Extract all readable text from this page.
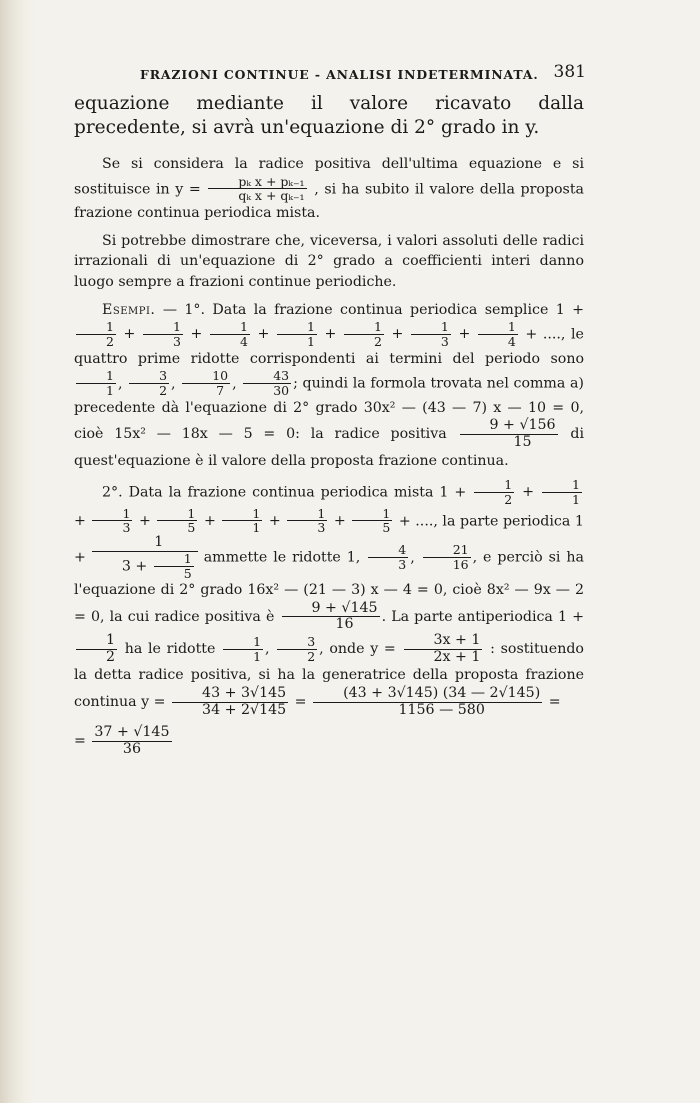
FRAZIONI CONTINUE - ANALISI INDETERMINATA. 381

equazione mediante il valore ricavato dalla precedente, si avrà un'equazione di 2° grado in y.

Se si considera la radice positiva dell'ultima equazione e si sostituisce in $y = \frac{\text{pₖ x + pₖ₋₁}}{\text{qₖ x + qₖ₋₁}}$ , si ha subito il valore della proposta frazione continua periodica mista.

Si potrebbe dimostrare che, viceversa, i valori assoluti delle radici irrazionali di un'equazione di 2° grado a coefficienti interi danno luogo sempre a frazioni continue periodiche.

Esempi. — 1°. Data la frazione continua periodica semplice 1 +
$\frac{1}{2} + \frac{1}{3} + \frac{1}{4} + \frac{1}{1} + \frac{1}{2} + \frac{1}{3} + \frac{1}{4}$ + ...., le quattro prime ridotte corrispondenti ai termini del periodo sono
$\frac{1}{1}$ , $\frac{3}{2}$ , $\frac{10}{7}$ , $\frac{43}{30}$ ; quindi la formola trovata nel comma a) precedente dà l'equazione di 2° grado 30x² — (43 — 7) x — 10 = 0, cioè 15x² — 18x — 5 = 0: la radice positiva $\frac{9 + √156}{15}$ di quest'equazione è il valore della proposta frazione continua.

2°. Data la frazione continua periodica mista $1 + \frac{1}{2} + \frac{1}{1}$
+ $\frac{1}{3} + \frac{1}{5} + \frac{1}{1} + \frac{1}{3} + \frac{1}{5}$ + ...., la parte periodica $1 + \frac{1}{3 + \frac{1}{5}}$ ammette le ridotte 1, $\frac{4}{3}$ , $\frac{21}{16}$ , e perciò si ha l'equazione di 2° grado 16x² — (21 — 3) x — 4 = 0, cioè 8x² — 9x — 2 = 0, la cui radice positiva è $\frac{9 + √145}{16}$ . La parte antiperiodica 1 +
$\frac{1}{2}$ ha le ridotte $\frac{1}{1}$ , $\frac{3}{2}$ , onde $y = \frac{3x + 1}{2x + 1}$ : sostituendo la detta radice positiva, si ha la generatrice della proposta frazione continua $y = \frac{43 + 3√145}{34 + 2√145} = \frac{(43 + 3√145) (34 — 2√145)}{1156 — 580}$ =

= $\frac{37 + √145}{36}$
